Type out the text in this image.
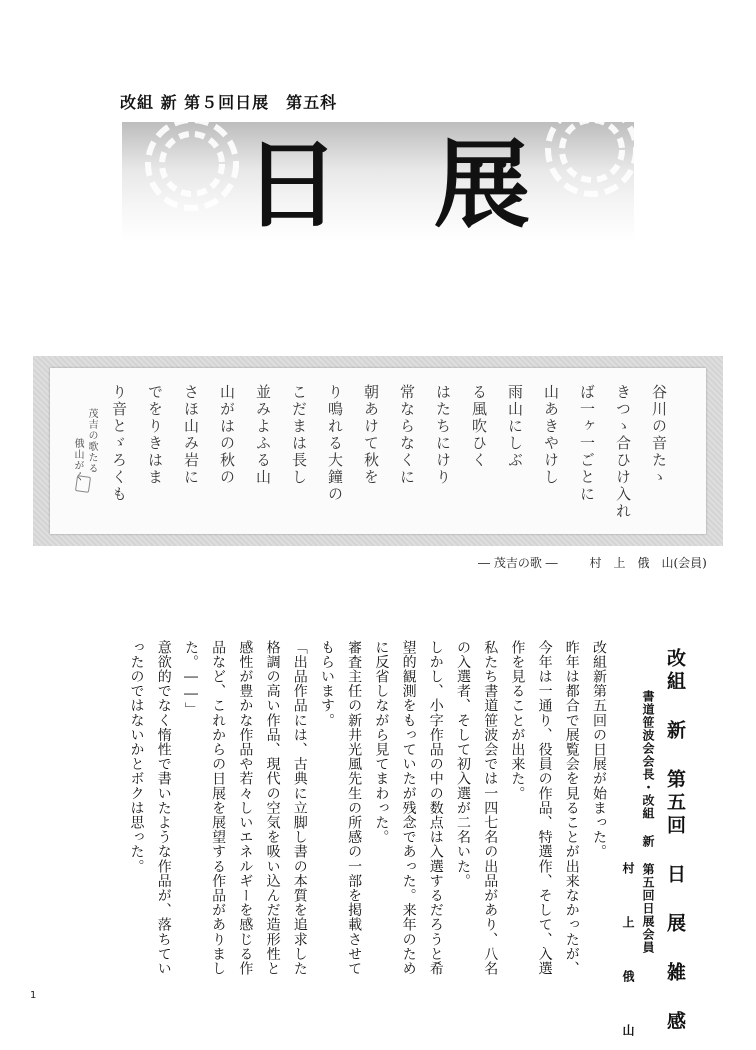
改組 新 第５回日展　第五科
日 展
谷川の音たゝ
きつゝ合ひけ入れ
ば一ヶ一ごとに
山あきやけし
雨山にしぶ
る風吹ひく
はたちにけり
常ならなくに
朝あけて秋を
り鳴れる大鐘の
こだまは長し
並みよふる山
山がはの秋の
さほ山み岩に
でをりきはま
り音とゞろくも
茂吉の歌たる
俄山がく
― 茂吉の歌 ―	村　上　俄　山(会員)
改組 新 第五回 日 展 雑 感
書道笹波会会長・改組 新 第五回日展会員
村 上 俄 山

改組新第五回の日展が始まった。

昨年は都合で展覧会を見ることが出来なかったが、今年は一通り、役員の作品、特選作、そして、入選作を見ることが出来た。

私たち書道笹波会では一四七名の出品があり、八名の入選者、そして初入選が二名いた。

しかし、小字作品の中の数点は入選するだろうと希望的観測をもっていたが残念であった。来年のために反省しながら見てまわった。

審査主任の新井光風先生の所感の一部を掲載させてもらいます。

「出品作品には、古典に立脚し書の本質を追求した格調の高い作品、現代の空気を吸い込んだ造形性と感性が豊かな作品や若々しいエネルギーを感じる作品など、これからの日展を展望する作品がありました。――」

意欲的でなく惰性で書いたような作品が、落ちていったのではないかとボクは思った。

1
